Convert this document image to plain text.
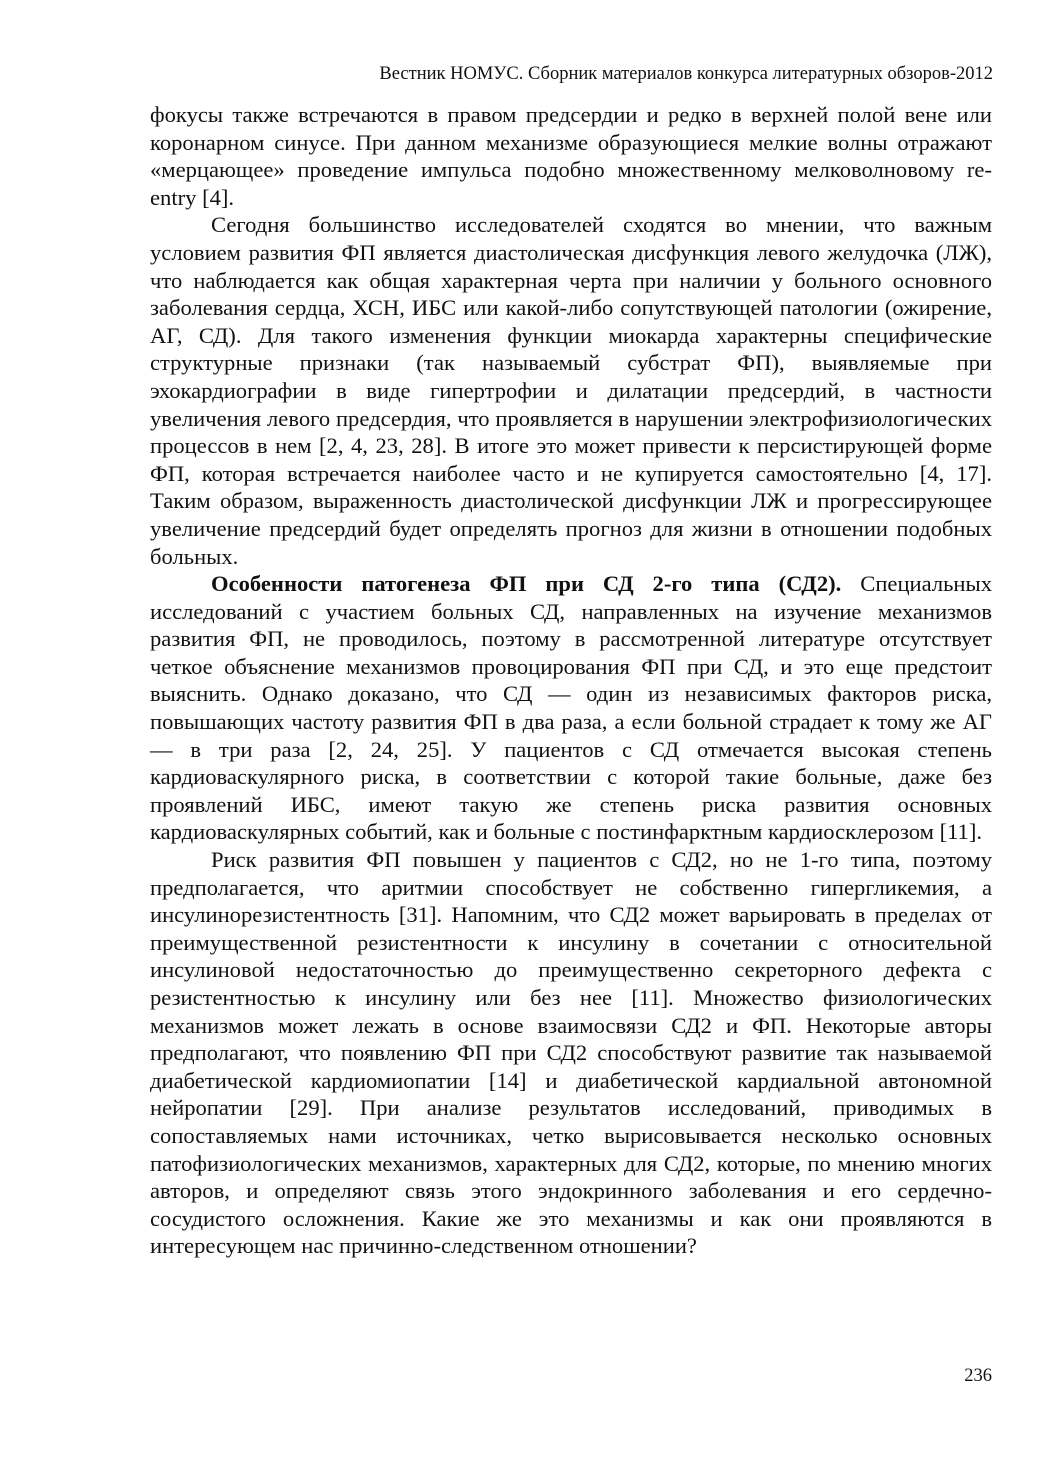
Вестник НОМУС. Сборник материалов конкурса литературных обзоров-2012

фокусы также встречаются в правом предсердии и редко в верхней полой вене или коронарном синусе. При данном механизме образующиеся мелкие волны отражают «мерцающее» проведение импульса подобно множественному мелковолновому re-entry [4].

Сегодня большинство исследователей сходятся во мнении, что важным условием развития ФП является диастолическая дисфункция левого желудочка (ЛЖ), что наблюдается как общая характерная черта при наличии у больного основного заболевания сердца, ХСН, ИБС или какой-либо сопутствующей патологии (ожирение, АГ, СД). Для такого изменения функции миокарда характерны специфические структурные признаки (так называемый субстрат ФП), выявляемые при эхокардиографии в виде гипертрофии и дилатации предсердий, в частности увеличения левого предсердия, что проявляется в нарушении электрофизиологических процессов в нем [2, 4, 23, 28]. В итоге это может привести к персистирующей форме ФП, которая встречается наиболее часто и не купируется самостоятельно [4, 17]. Таким образом, выраженность диастолической дисфункции ЛЖ и прогрессирующее увеличение предсердий будет определять прогноз для жизни в отношении подобных больных.

Особенности патогенеза ФП при СД 2-го типа (СД2). Специальных исследований с участием больных СД, направленных на изучение механизмов развития ФП, не проводилось, поэтому в рассмотренной литературе отсутствует четкое объяснение механизмов провоцирования ФП при СД, и это еще предстоит выяснить. Однако доказано, что СД — один из независимых факторов риска, повышающих частоту развития ФП в два раза, а если больной страдает к тому же АГ — в три раза [2, 24, 25]. У пациентов с СД отмечается высокая степень кардиоваскулярного риска, в соответствии с которой такие больные, даже без проявлений ИБС, имеют такую же степень риска развития основных кардиоваскулярных событий, как и больные с постинфарктным кардиосклерозом [11].

Риск развития ФП повышен у пациентов с СД2, но не 1-го типа, поэтому предполагается, что аритмии способствует не собственно гипергликемия, а инсулинорезистентность [31]. Напомним, что СД2 может варьировать в пределах от преимущественной резистентности к инсулину в сочетании с относительной инсулиновой недостаточностью до преимущественно секреторного дефекта с резистентностью к инсулину или без нее [11]. Множество физиологических механизмов может лежать в основе взаимосвязи СД2 и ФП. Некоторые авторы предполагают, что появлению ФП при СД2 способствуют развитие так называемой диабетической кардиомиопатии [14] и диабетической кардиальной автономной нейропатии [29]. При анализе результатов исследований, приводимых в сопоставляемых нами источниках, четко вырисовывается несколько основных патофизиологических механизмов, характерных для СД2, которые, по мнению многих авторов, и определяют связь этого эндокринного заболевания и его сердечно-сосудистого осложнения. Какие же это механизмы и как они проявляются в интересующем нас причинно-следственном отношении?

236
